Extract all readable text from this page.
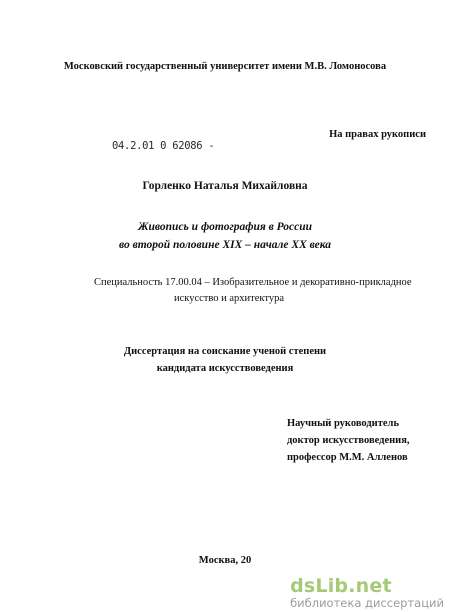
Московский государственный университет имени М.В. Ломоносова
На правах рукописи
04.2.01 0 62086 -
Горленко Наталья Михайловна
Живопись и фотография в России
во второй половине XIX – начале XX века
Специальность 17.00.04 – Изобразительное и декоративно-прикладное
искусство и архитектура
Диссертация на соискание ученой степени
кандидата искусствоведения
Научный руководитель
доктор искусствоведения,
профессор М.М. Алленов
Москва, 20
dsLib.net
библиотека диссертаций
